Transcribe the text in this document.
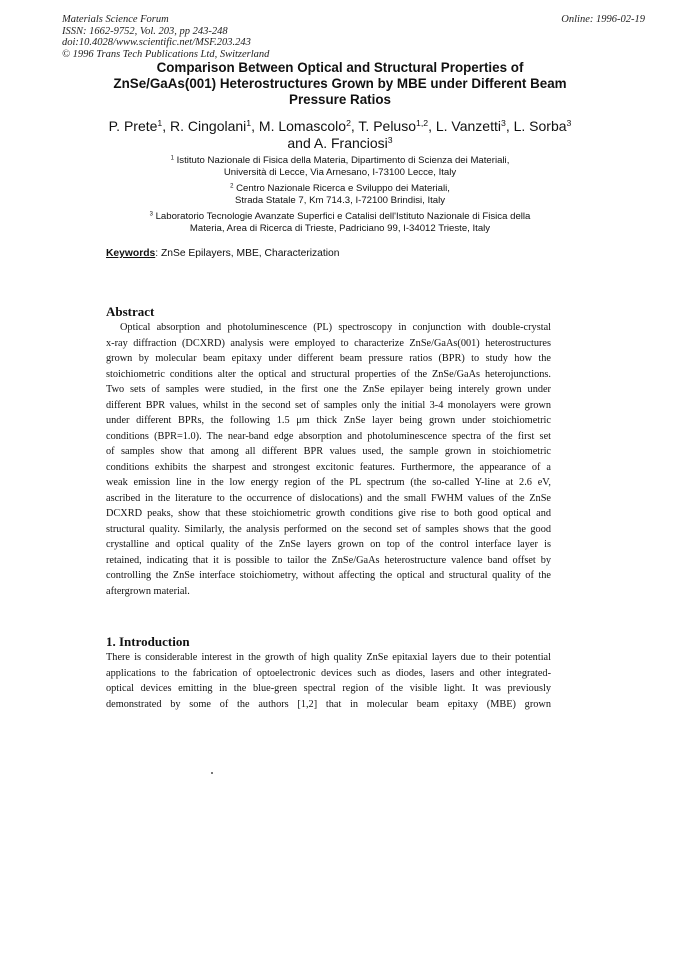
Materials Science Forum
ISSN: 1662-9752, Vol. 203, pp 243-248
doi:10.4028/www.scientific.net/MSF.203.243
© 1996 Trans Tech Publications Ltd, Switzerland
Online: 1996-02-19
Comparison Between Optical and Structural Properties of
ZnSe/GaAs(001) Heterostructures Grown by MBE under Different Beam
Pressure Ratios
P. Prete$^1$, R. Cingolani$^1$, M. Lomascolo$^2$, T. Peluso$^{1,2}$, L. Vanzetti$^3$, L. Sorba$^3$
and A. Franciosi$^3$
$^1$ Istituto Nazionale di Fisica della Materia, Dipartimento di Scienza dei Materiali,
Università di Lecce, Via Arnesano, I-73100 Lecce, Italy
$^2$ Centro Nazionale Ricerca e Sviluppo dei Materiali,
Strada Statale 7, Km 714.3, I-72100 Brindisi, Italy
$^3$ Laboratorio Tecnologie Avanzate Superfici e Catalisi dell'Istituto Nazionale di Fisica della
Materia, Area di Ricerca di Trieste, Padriciano 99, I-34012 Trieste, Italy
Keywords: ZnSe Epilayers, MBE, Characterization
Abstract
Optical absorption and photoluminescence (PL) spectroscopy in conjunction with double-crystal
x-ray diffraction (DCXRD) analysis were employed to characterize ZnSe/GaAs(001) heterostructures
grown by molecular beam epitaxy under different beam pressure ratios (BPR) to study how the
stoichiometric conditions alter the optical and structural properties of the ZnSe/GaAs heterojunctions.
Two sets of samples were studied, in the first one the ZnSe epilayer being interely grown under
different BPR values, whilst in the second set of samples only the initial 3-4 monolayers were grown
under different BPRs, the following 1.5 μm thick ZnSe layer being grown under stoichiometric
conditions (BPR=1.0). The near-band edge absorption and photoluminescence spectra of the first set
of samples show that among all different BPR values used, the sample grown in stoichiometric
conditions exhibits the sharpest and strongest excitonic features. Furthermore, the appearance of a
weak emission line in the low energy region of the PL spectrum (the so-called Y-line at 2.6 eV,
ascribed in the literature to the occurrence of dislocations) and the small FWHM values of the ZnSe
DCXRD peaks, show that these stoichiometric growth conditions give rise to both good optical and
structural quality. Similarly, the analysis performed on the second set of samples shows that the good
crystalline and optical quality of the ZnSe layers grown on top of the control interface layer is
retained, indicating that it is possible to tailor the ZnSe/GaAs heterostructure valence band offset by
controlling the ZnSe interface stoichiometry, without affecting the optical and structural quality of the
aftergrown material.
1. Introduction
There is considerable interest in the growth of high quality ZnSe epitaxial layers due to their potential
applications to the fabrication of optoelectronic devices such as diodes, lasers and other integrated-
optical devices emitting in the blue-green spectral region of the visible light. It was previously
demonstrated by some of the authors [1,2] that in molecular beam epitaxy (MBE) grown
